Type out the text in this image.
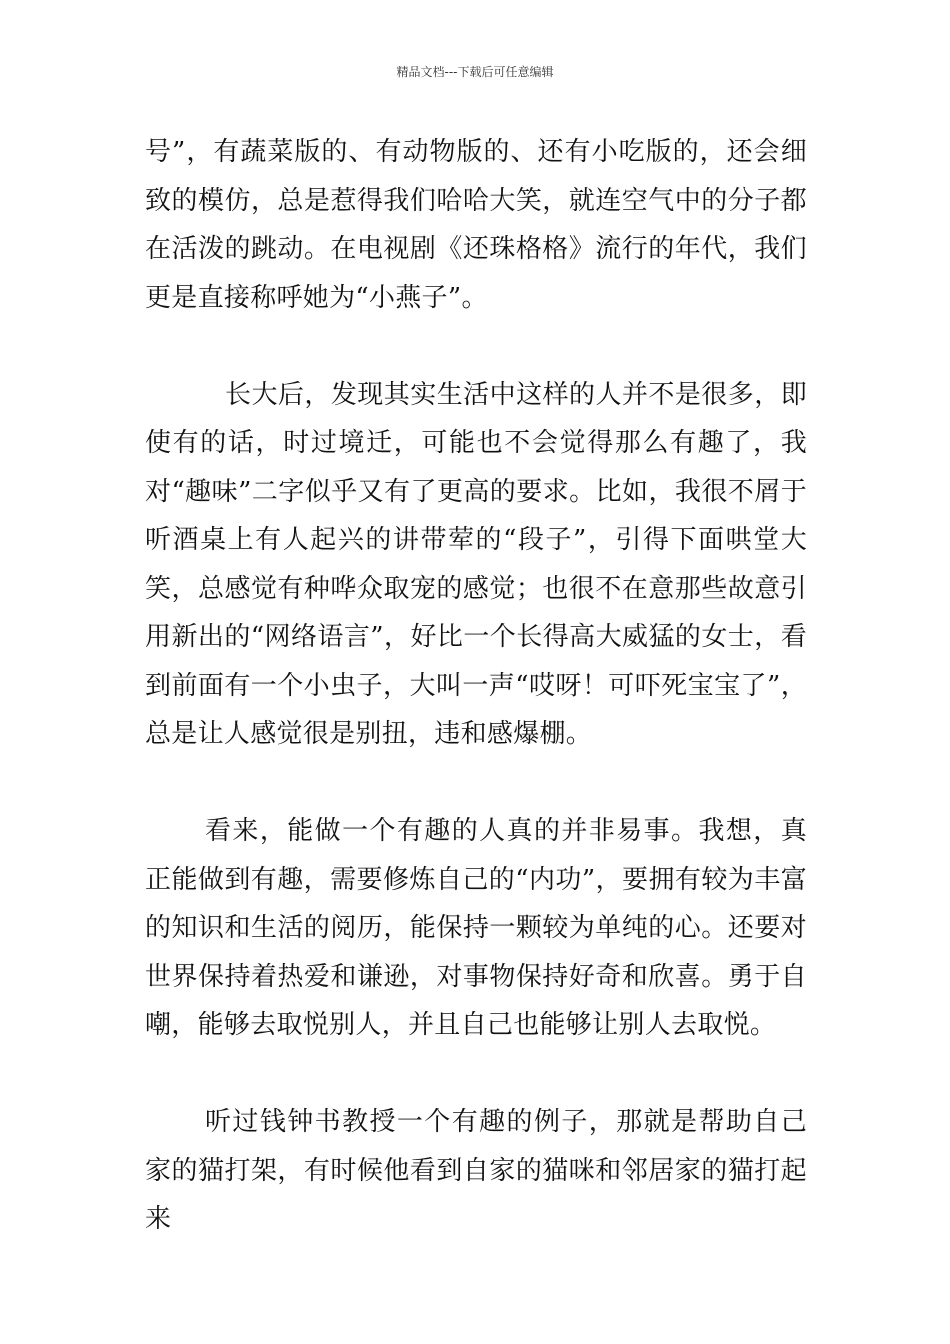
精品文档---下载后可任意编辑

号”，有蔬菜版的、有动物版的、还有小吃版的，还会细致的模仿，总是惹得我们哈哈大笑，就连空气中的分子都在活泼的跳动。在电视剧《还珠格格》流行的年代，我们更是直接称呼她为“小燕子”。

长大后，发现其实生活中这样的人并不是很多，即使有的话，时过境迁，可能也不会觉得那么有趣了，我对“趣味”二字似乎又有了更高的要求。比如，我很不屑于听酒桌上有人起兴的讲带荤的“段子”，引得下面哄堂大笑，总感觉有种哗众取宠的感觉；也很不在意那些故意引用新出的“网络语言”，好比一个长得高大威猛的女士，看到前面有一个小虫子，大叫一声“哎呀！可吓死宝宝了”，总是让人感觉很是别扭，违和感爆棚。

看来，能做一个有趣的人真的并非易事。我想，真正能做到有趣，需要修炼自己的“内功”，要拥有较为丰富的知识和生活的阅历，能保持一颗较为单纯的心。还要对世界保持着热爱和谦逊，对事物保持好奇和欣喜。勇于自嘲，能够去取悦别人，并且自己也能够让别人去取悦。

听过钱钟书教授一个有趣的例子，那就是帮助自己家的猫打架，有时候他看到自家的猫咪和邻居家的猫打起来
